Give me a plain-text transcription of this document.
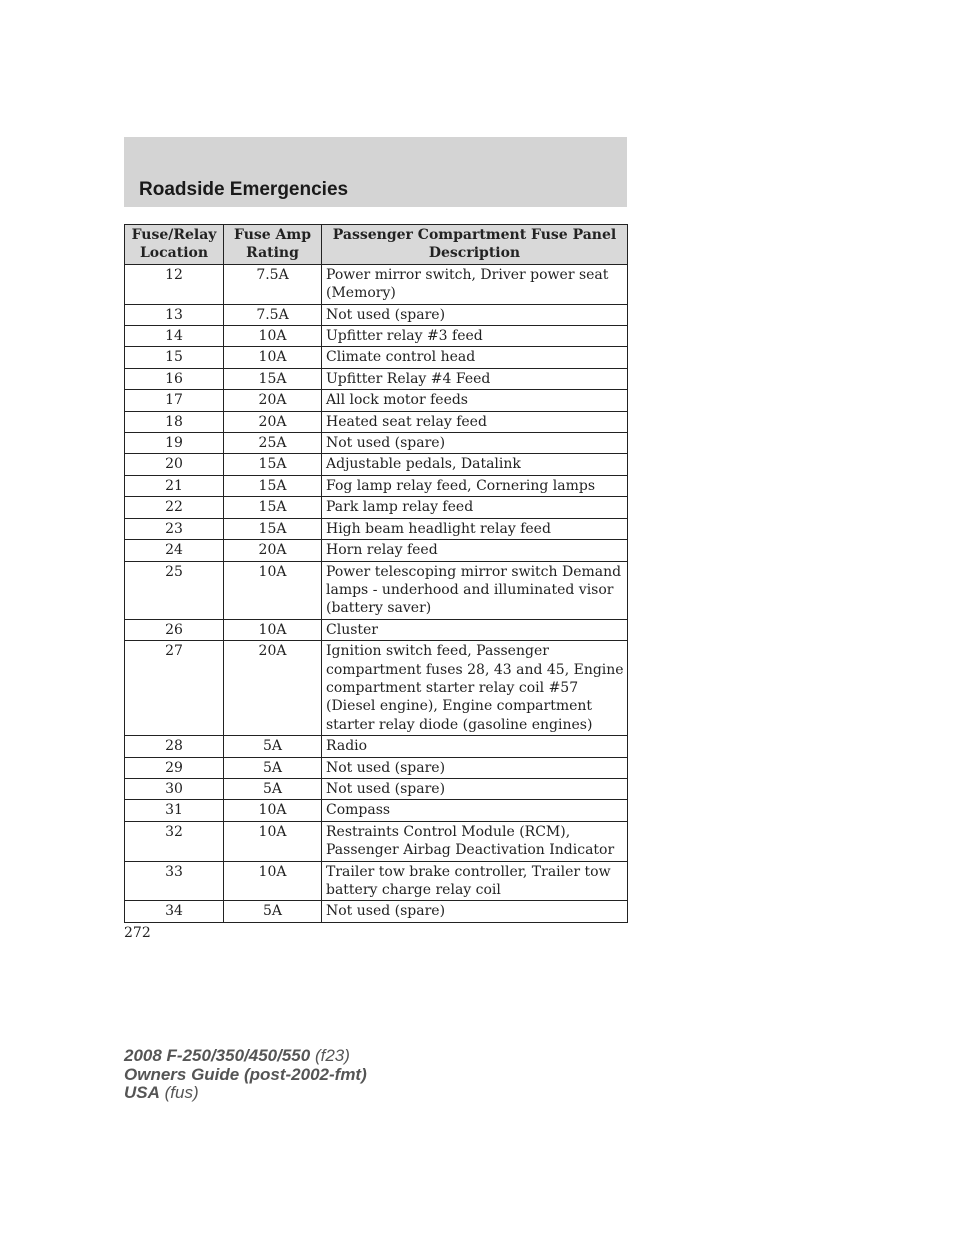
Roadside Emergencies
Fuse/Relay Location	Fuse Amp Rating	Passenger Compartment Fuse Panel Description
12	7.5A	Power mirror switch, Driver power seat (Memory)
13	7.5A	Not used (spare)
14	10A	Upfitter relay #3 feed
15	10A	Climate control head
16	15A	Upfitter Relay #4 Feed
17	20A	All lock motor feeds
18	20A	Heated seat relay feed
19	25A	Not used (spare)
20	15A	Adjustable pedals, Datalink
21	15A	Fog lamp relay feed, Cornering lamps
22	15A	Park lamp relay feed
23	15A	High beam headlight relay feed
24	20A	Horn relay feed
25	10A	Power telescoping mirror switch Demand lamps - underhood and illuminated visor (battery saver)
26	10A	Cluster
27	20A	Ignition switch feed, Passenger compartment fuses 28, 43 and 45, Engine compartment starter relay coil #57 (Diesel engine), Engine compartment starter relay diode (gasoline engines)
28	5A	Radio
29	5A	Not used (spare)
30	5A	Not used (spare)
31	10A	Compass
32	10A	Restraints Control Module (RCM), Passenger Airbag Deactivation Indicator
33	10A	Trailer tow brake controller, Trailer tow battery charge relay coil
34	5A	Not used (spare)
272
2008 F-250/350/450/550 (f23)
Owners Guide (post-2002-fmt)
USA (fus)
